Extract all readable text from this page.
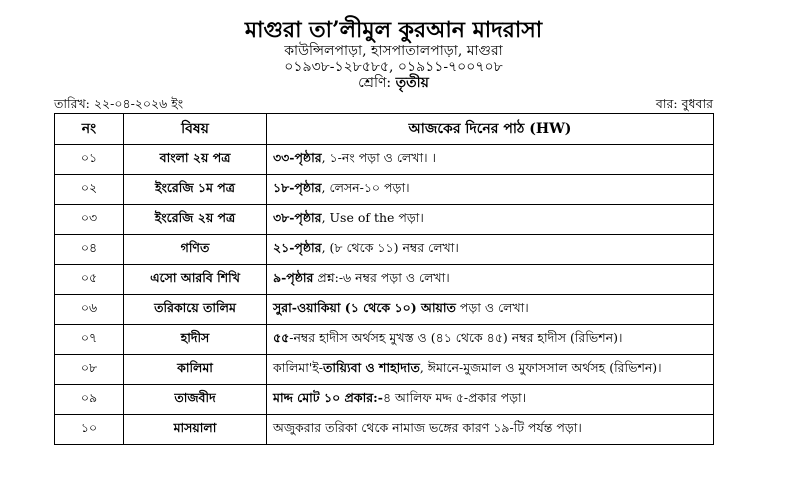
মাগুরা তা’লীমুল কুরআন মাদরাসা
কাউন্সিলপাড়া, হাসপাতালপাড়া, মাগুরা
০১৯৩৮-১২৮৫৮৫, ০১৯১১-৭০০৭০৮
শ্রেণি: তৃতীয়
তারিখ: ২২-০৪-২০২৬ ইং	বার: বুধবার
নং	বিষয়	আজকের দিনের পাঠ (HW)
০১	বাংলা ২য় পত্র	৩৩-পৃষ্ঠার, ১-নং পড়া ও লেখা। ।
০২	ইংরেজি ১ম পত্র	১৮-পৃষ্ঠার, লেসন-১০ পড়া।
০৩	ইংরেজি ২য় পত্র	৩৮-পৃষ্ঠার, Use of the পড়া।
০৪	গণিত	২১-পৃষ্ঠার, (৮ থেকে ১১) নম্বর লেখা।
০৫	এসো আরবি শিখি	৯-পৃষ্ঠার প্রশ্ন:-৬ নম্বর পড়া ও লেখা।
০৬	তরিকায়ে তালিম	সুরা-ওয়াকিয়া (১ থেকে ১০) আয়াত পড়া ও লেখা।
০৭	হাদীস	৫৫-নম্বর হাদীস অর্থসহ মুখস্ত ও (৪১ থেকে ৪৫) নম্বর হাদীস (রিভিশন)।
০৮	কালিমা	কালিমা'ই-তায়্যিবা ও শাহাদাত, ঈমানে-মুজমাল ও মুফাসসাল অর্থসহ (রিভিশন)।
০৯	তাজবীদ	মাদ্দ মোট ১০ প্রকার:-৪ আলিফ মদ্দ ৫-প্রকার পড়া।
১০	মাসয়ালা	অজুকরার তরিকা থেকে নামাজ ভঙ্গের কারণ ১৯-টি পর্যন্ত পড়া।
